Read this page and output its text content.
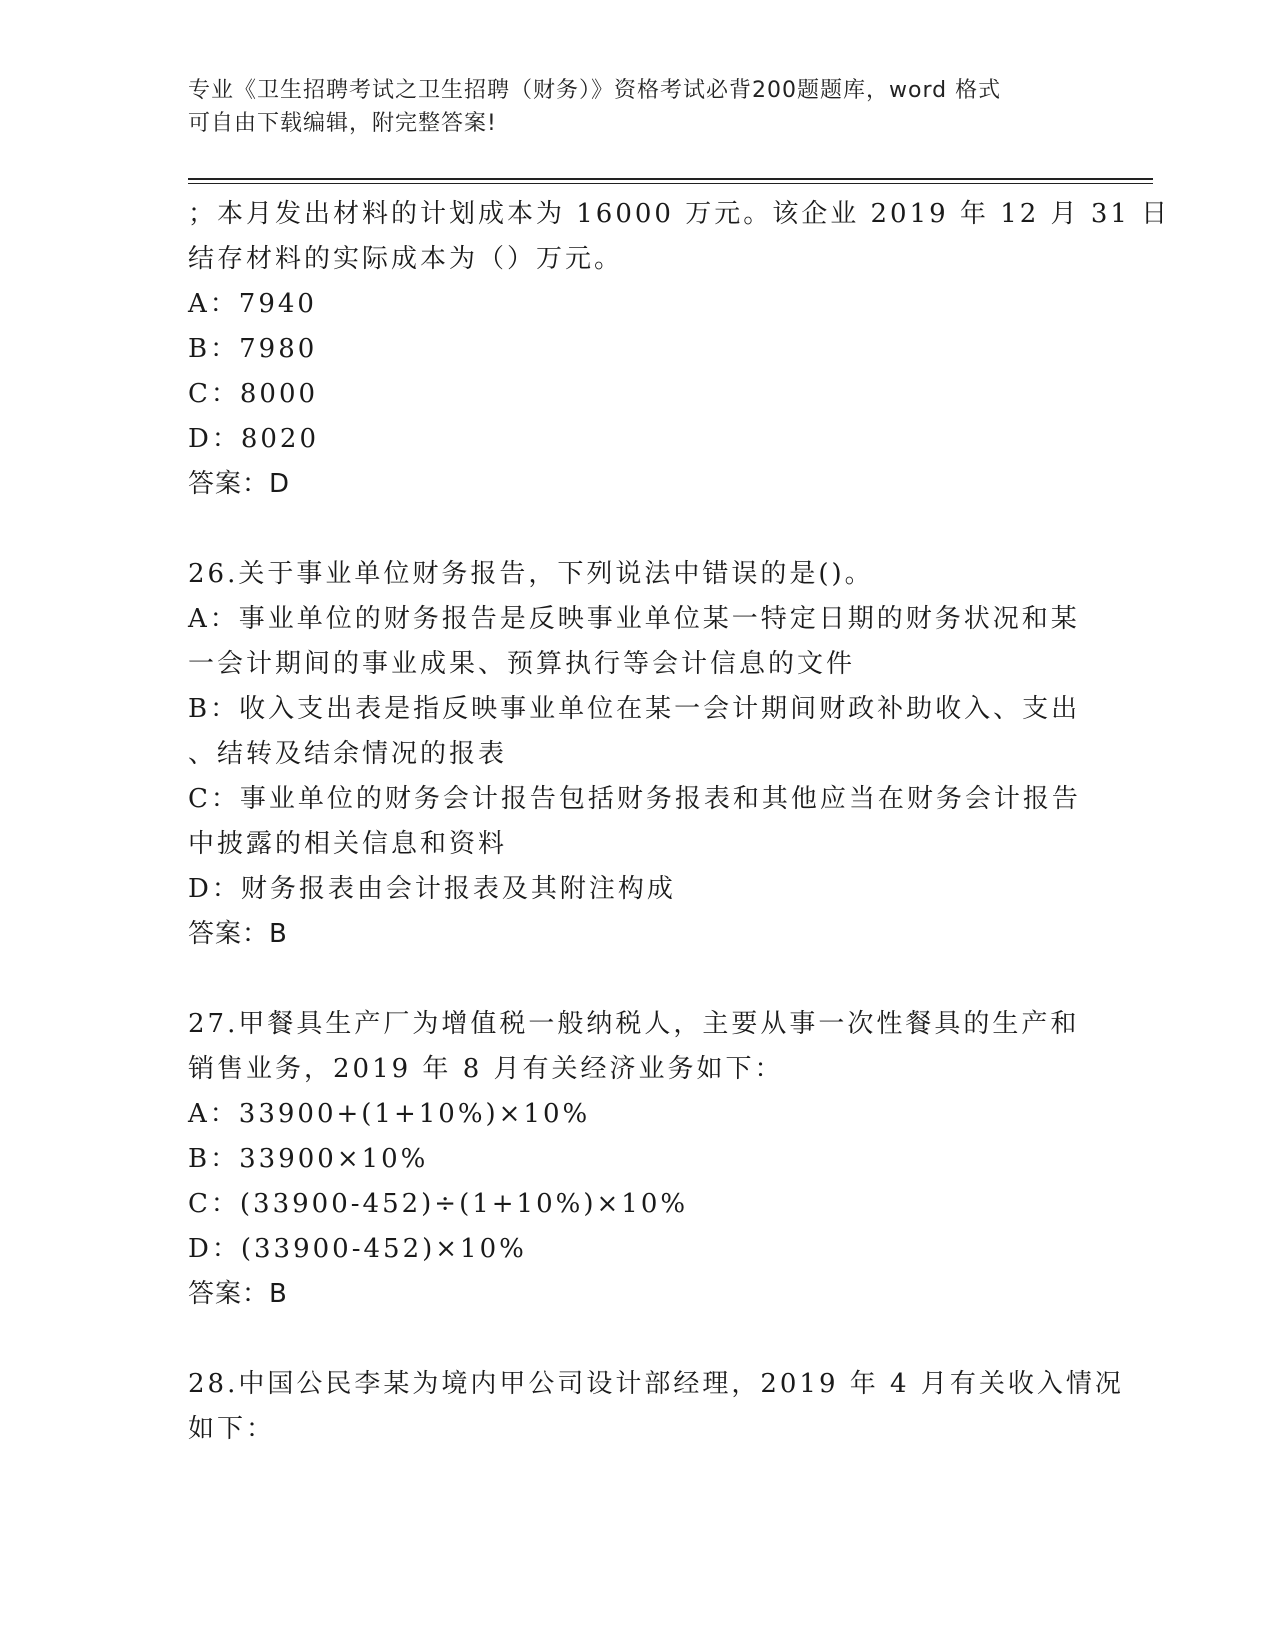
专业《卫生招聘考试之卫生招聘（财务）》资格考试必背200题题库，word 格式
可自由下载编辑，附完整答案!
；本月发出材料的计划成本为 16000 万元。该企业 2019 年 12 月 31 日
结存材料的实际成本为（）万元。
A：7940
B：7980
C：8000
D：8020
答案：D
26.关于事业单位财务报告，下列说法中错误的是()。
A：事业单位的财务报告是反映事业单位某一特定日期的财务状况和某
一会计期间的事业成果、预算执行等会计信息的文件
B：收入支出表是指反映事业单位在某一会计期间财政补助收入、支出
、结转及结余情况的报表
C：事业单位的财务会计报告包括财务报表和其他应当在财务会计报告
中披露的相关信息和资料
D：财务报表由会计报表及其附注构成
答案：B
27.甲餐具生产厂为增值税一般纳税人，主要从事一次性餐具的生产和
销售业务，2019 年 8 月有关经济业务如下：
A：33900+(1+10%)×10%
B：33900×10%
C：(33900-452)÷(1+10%)×10%
D：(33900-452)×10%
答案：B
28.中国公民李某为境内甲公司设计部经理，2019 年 4 月有关收入情况
如下：
